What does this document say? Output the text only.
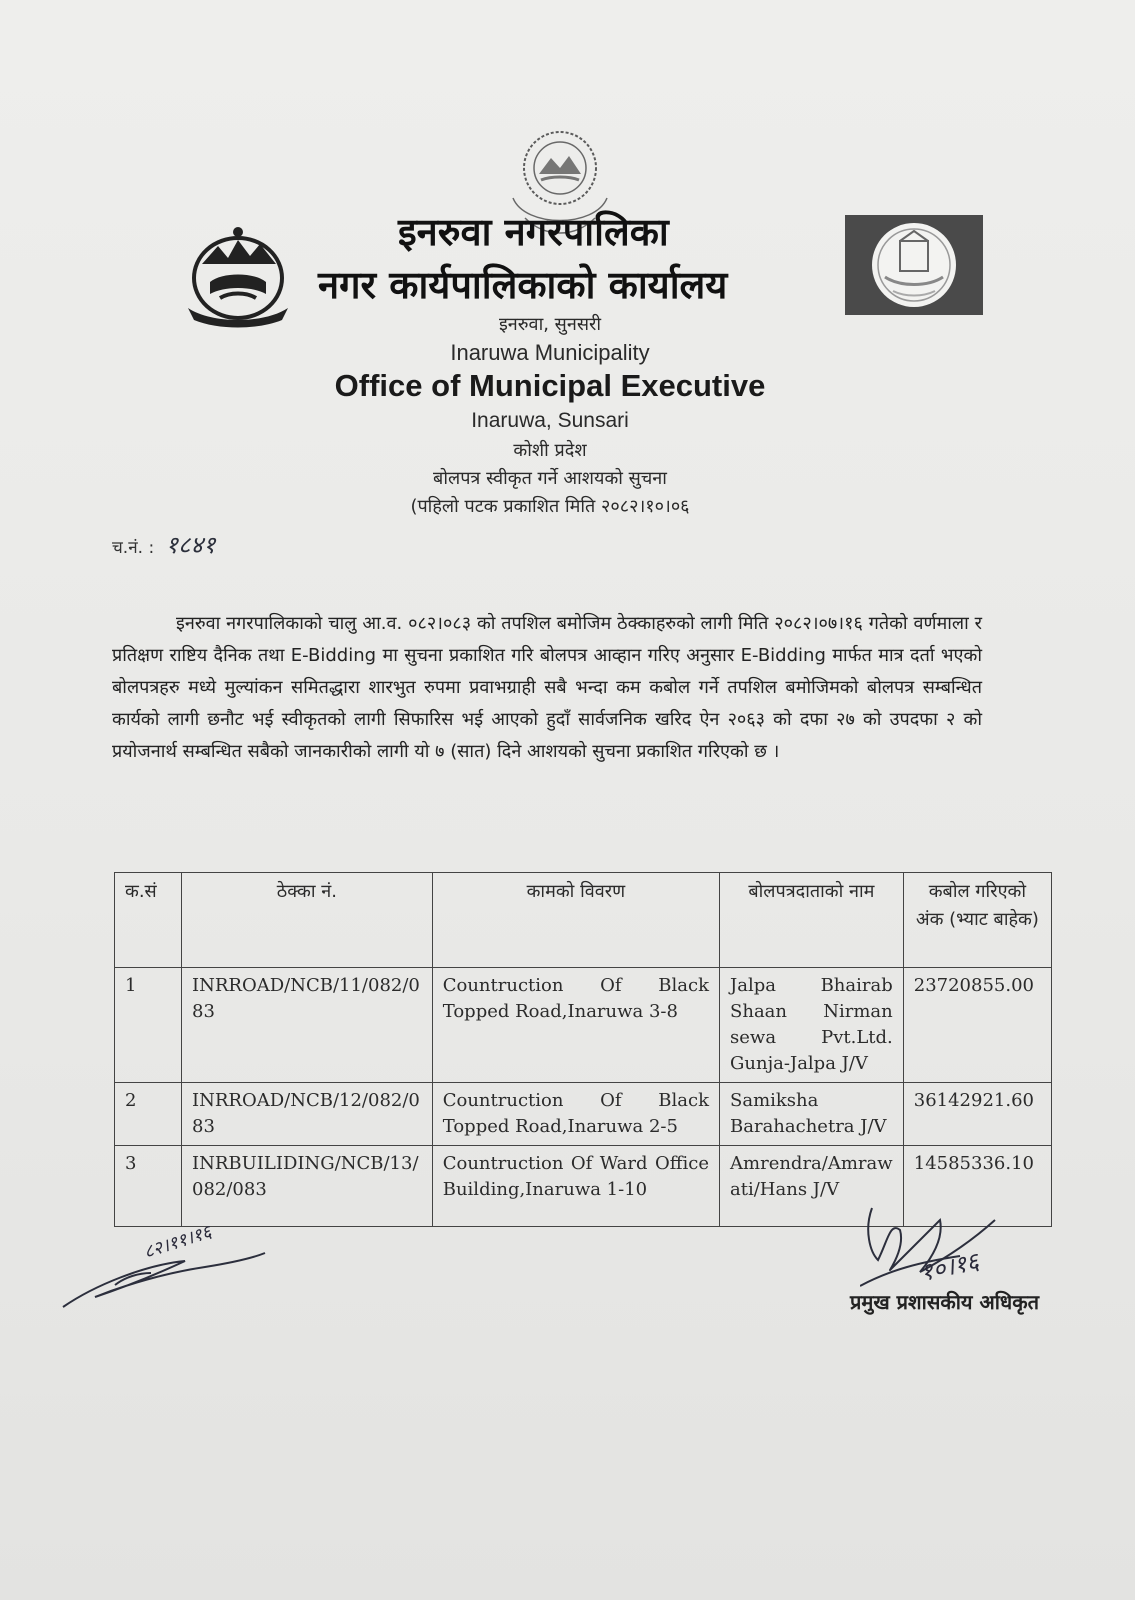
इनरुवा नगरपालिका
नगर कार्यपालिकाको कार्यालय
इनरुवा, सुनसरी
Inaruwa Municipality
Office of Municipal Executive
Inaruwa, Sunsari
कोशी प्रदेश
बोलपत्र स्वीकृत गर्ने आशयको सुचना
(पहिलो पटक प्रकाशित मिति २०८२।१०।०६
च.नं. : १८४१
इनरुवा नगरपालिकाको चालु आ.व. ०८२।०८३ को तपशिल बमोजिम ठेक्काहरुको लागी मिति २०८२।०७।१६ गतेको वर्णमाला र प्रतिक्षण राष्टिय दैनिक तथा E-Bidding मा सुचना प्रकाशित गरि बोलपत्र आव्हान गरिए अनुसार E-Bidding मार्फत मात्र दर्ता भएको बोलपत्रहरु मध्ये मुल्यांकन समितद्धारा शारभुत रुपमा प्रवाभग्राही सबै भन्दा कम कबोल गर्ने तपशिल बमोजिमको बोलपत्र सम्बन्धित कार्यको लागी छनौट भई स्वीकृतको लागी सिफारिस भई आएको हुदाँ सार्वजनिक खरिद ऐन २०६३ को दफा २७ को उपदफा २ को प्रयोजनार्थ सम्बन्धित सबैको जानकारीको लागी यो ७ (सात) दिने आशयको सुचना प्रकाशित गरिएको छ ।
क.सं	ठेक्का नं.	कामको विवरण	बोलपत्रदाताको नाम	कबोल गरिएको अंक (भ्याट बाहेक)
1	INRROAD/NCB/11/082/083	Countruction Of Black Topped Road,Inaruwa 3-8	Jalpa Bhairab Shaan Nirman sewa Pvt.Ltd. Gunja-Jalpa J/V	23720855.00
2	INRROAD/NCB/12/082/083	Countruction Of Black Topped Road,Inaruwa 2-5	Samiksha Barahachetra J/V	36142921.60
3	INRBUILIDING/NCB/13/082/083	Countruction Of Ward Office Building,Inaruwa 1-10	Amrendra/Amrawati/Hans J/V	14585336.10
८२।११।१६
१०।१६
प्रमुख प्रशासकीय अधिकृत
